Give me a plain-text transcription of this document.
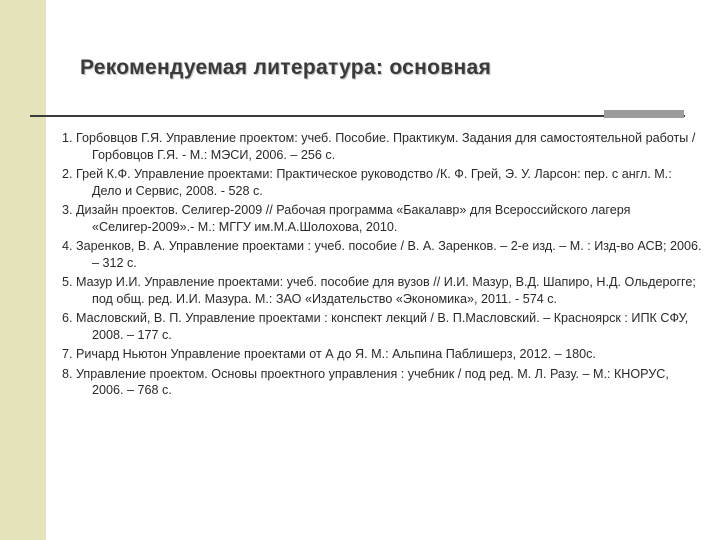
Рекомендуемая литература: основная
1. Горбовцов Г.Я. Управление проектом: учеб. Пособие. Практикум. Задания для самостоятельной работы / Горбовцов Г.Я. - М.: МЭСИ, 2006. – 256 с.
2. Грей К.Ф. Управление проектами: Практическое руководство /К. Ф. Грей, Э. У. Ларсон: пер. с англ. М.: Дело и Сервис, 2008. - 528 с.
3. Дизайн проектов. Селигер-2009 // Рабочая программа «Бакалавр» для Всероссийского лагеря «Селигер-2009».- М.: МГГУ им.М.А.Шолохова, 2010.
4. Заренков, В. А. Управление проектами : учеб. пособие / В. А. Заренков. – 2-е изд. – М. : Изд-во АСВ; 2006. – 312 с.
5. Мазур И.И. Управление проектами: учеб. пособие для вузов // И.И. Мазур, В.Д. Шапиро, Н.Д. Ольдерогге; под общ. ред. И.И. Мазура. М.: ЗАО «Издательство «Экономика», 2011. - 574 с.
6. Масловский, В. П. Управление проектами : конспект лекций / В. П.Масловский. – Красноярск : ИПК СФУ, 2008. – 177 с.
7. Ричард Ньютон Управление проектами от А до Я. М.: Альпина Паблишерз, 2012. – 180с.
8. Управление проектом. Основы проектного управления : учебник / под ред. М. Л. Разу. – М.: КНОРУС, 2006. – 768 с.
